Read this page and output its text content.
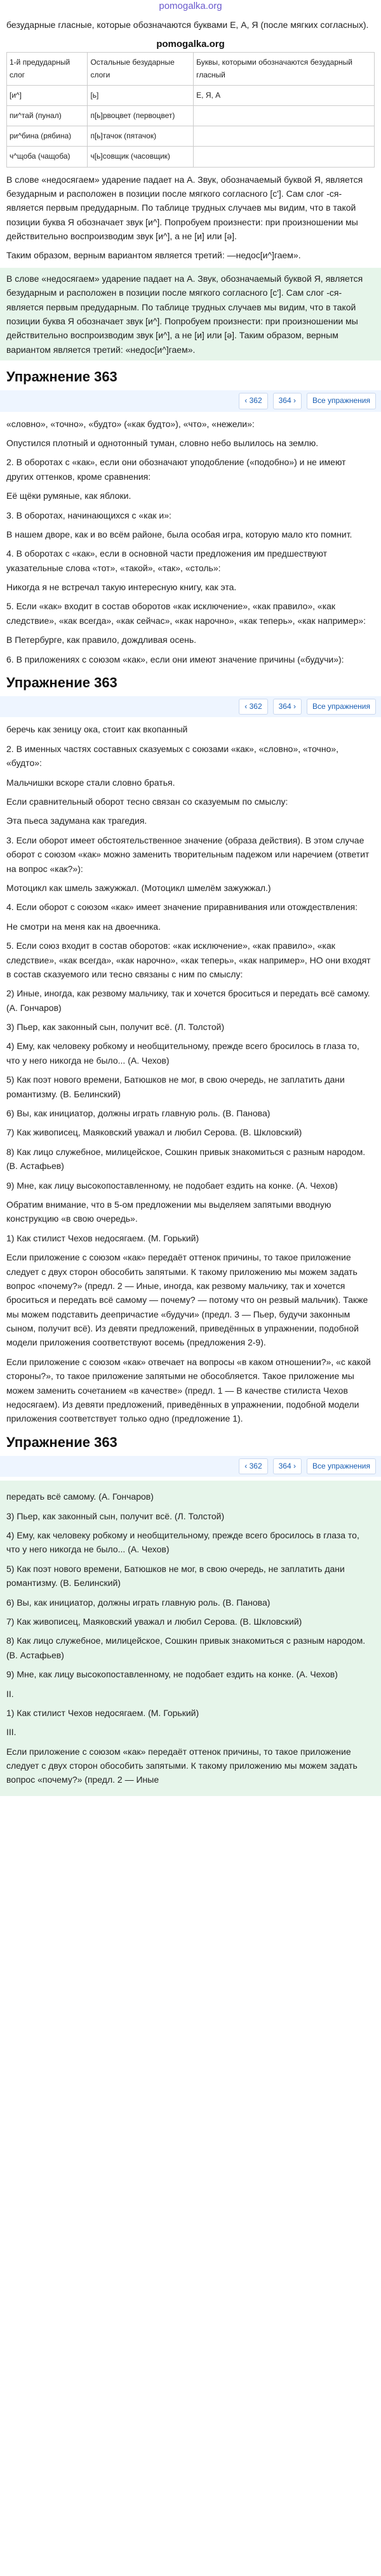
pomogalka.org
безударные гласные, которые обозначаются буквами Е, А, Я (после мягких согласных).
pomogalka.org
1-й предударный слог	Остальные безударные слоги	Буквы, которыми обозначаются безударный гласный
[и^]	[ь]	Е, Я, А
пи^тай (пунал)	п[ь]рвоцвет (первоцвет)	
ри^бина (рябина)	п[ь]тачок (пятачок)	
ч^щоба (чащоба)	ч[ь]совщик (часовщик)	
В слове «недосягаем» ударение падает на А. Звук, обозначаемый буквой Я, является безударным и расположен в позиции после мягкого согласного [с']. Сам слог -ся- является первым предударным. По таблице трудных случаев мы видим, что в такой позиции буква Я обозначает звук [и^]. Попробуем произнести: при произношении мы действительно воспроизводим звук [и^], а не [и] или [ә].
Таким образом, верным вариантом является третий: —недос[и^]гаем».
В слове «недосягаем» ударение падает на А. Звук, обозначаемый буквой Я, является безударным и расположен в позиции после мягкого согласного [с']. Сам слог -ся- является первым предударным. По таблице трудных случаев мы видим, что в такой позиции буква Я обозначает звук [и^]. Попробуем произнести: при произношении мы действительно воспроизводим звук [и^], а не [и] или [ә]. Таким образом, верным вариантом является третий: «недос[и^]гаем».
Упражнение 363
‹ 362	364 ›	Все упражнения
«словно», «точно», «будто» («как будто»), «что», «нежели»:
Опустился плотный и однотонный туман, словно небо вылилось на землю.
2. В оборотах с «как», если они обозначают уподобление («подобно») и не имеют других оттенков, кроме сравнения:
Её щёки румяные, как яблоки.
3. В оборотах, начинающихся с «как и»:
В нашем дворе, как и во всём районе, была особая игра, которую мало кто помнит.
4. В оборотах с «как», если в основной части предложения им предшествуют указательные слова «тот», «такой», «так», «столь»:
Никогда я не встречал такую интересную книгу, как эта.
5. Если «как» входит в состав оборотов «как исключение», «как правило», «как следствие», «как всегда», «как сейчас», «как нарочно», «как теперь», «как например»:
В Петербурге, как правило, дождливая осень.
6. В приложениях с союзом «как», если они имеют значение причины («будучи»):
Упражнение 363
‹ 362	364 ›	Все упражнения
беречь как зеницу ока, стоит как вкопанный
2. В именных частях составных сказуемых с союзами «как», «словно», «точно», «будто»:
Мальчишки вскоре стали словно братья.
Если сравнительный оборот тесно связан со сказуемым по смыслу:
Эта пьеса задумана как трагедия.
3. Если оборот имеет обстоятельственное значение (образа действия). В этом случае оборот с союзом «как» можно заменить творительным падежом или наречием (ответит на вопрос «как?»):
Мотоцикл как шмель зажужжал. (Мотоцикл шмелём зажужжал.)
4. Если оборот с союзом «как» имеет значение приравнивания или отождествления:
Не смотри на меня как на двоечника.
5. Если союз входит в состав оборотов: «как исключение», «как правило», «как следствие», «как всегда», «как нарочно», «как теперь», «как например», НО они входят в состав сказуемого или тесно связаны с ним по смыслу:
2) Иные, иногда, как резвому мальчику, так и хочется броситься и передать всё самому. (А. Гончаров)
3) Пьер, как законный сын, получит всё. (Л. Толстой)
4) Ему, как человеку робкому и необщительному, прежде всего бросилось в глаза то, что у него никогда не было... (А. Чехов)
5) Как поэт нового времени, Батюшков не мог, в свою очередь, не заплатить дани романтизму. (В. Белинский)
6) Вы, как инициатор, должны играть главную роль. (В. Панова)
7) Как живописец, Маяковский уважал и любил Серова. (В. Шкловский)
8) Как лицо служебное, милицейское, Сошкин привык знакомиться с разным народом. (В. Астафьев)
9) Мне, как лицу высокопоставленному, не подобает ездить на конке. (А. Чехов)
Обратим внимание, что в 5-ом предложении мы выделяем запятыми вводную конструкцию «в свою очередь».
1) Как стилист Чехов недосягаем. (М. Горький)
Если приложение с союзом «как» передаёт оттенок причины, то такое приложение следует с двух сторон обособить запятыми. К такому приложению мы можем задать вопрос «почему?» (предл. 2 — Иные, иногда, как резвому мальчику, так и хочется броситься и передать всё самому — почему? — потому что он резвый мальчик). Также мы можем подставить деепричастие «будучи» (предл. 3 — Пьер, будучи законным сыном, получит всё). Из девяти предложений, приведённых в упражнении, подобной модели приложения соответствуют восемь (предложения 2-9).
Если приложение с союзом «как» отвечает на вопросы «в каком отношении?», «с какой стороны?», то такое приложение запятыми не обособляется. Такое приложение мы можем заменить сочетанием «в качестве» (предл. 1 — В качестве стилиста Чехов недосягаем). Из девяти предложений, приведённых в упражнении, подобной модели приложения соответствует только одно (предложение 1).
Упражнение 363
‹ 362	364 ›	Все упражнения
передать всё самому. (А. Гончаров)
3) Пьер, как законный сын, получит всё. (Л. Толстой)
4) Ему, как человеку робкому и необщительному, прежде всего бросилось в глаза то, что у него никогда не было... (А. Чехов)
5) Как поэт нового времени, Батюшков не мог, в свою очередь, не заплатить дани романтизму. (В. Белинский)
6) Вы, как инициатор, должны играть главную роль. (В. Панова)
7) Как живописец, Маяковский уважал и любил Серова. (В. Шкловский)
8) Как лицо служебное, милицейское, Сошкин привык знакомиться с разным народом. (В. Астафьев)
9) Мне, как лицу высокопоставленному, не подобает ездить на конке. (А. Чехов)
II.
1) Как стилист Чехов недосягаем. (М. Горький)
III.
Если приложение с союзом «как» передаёт оттенок причины, то такое приложение следует с двух сторон обособить запятыми. К такому приложению мы можем задать вопрос «почему?» (предл. 2 — Иные
